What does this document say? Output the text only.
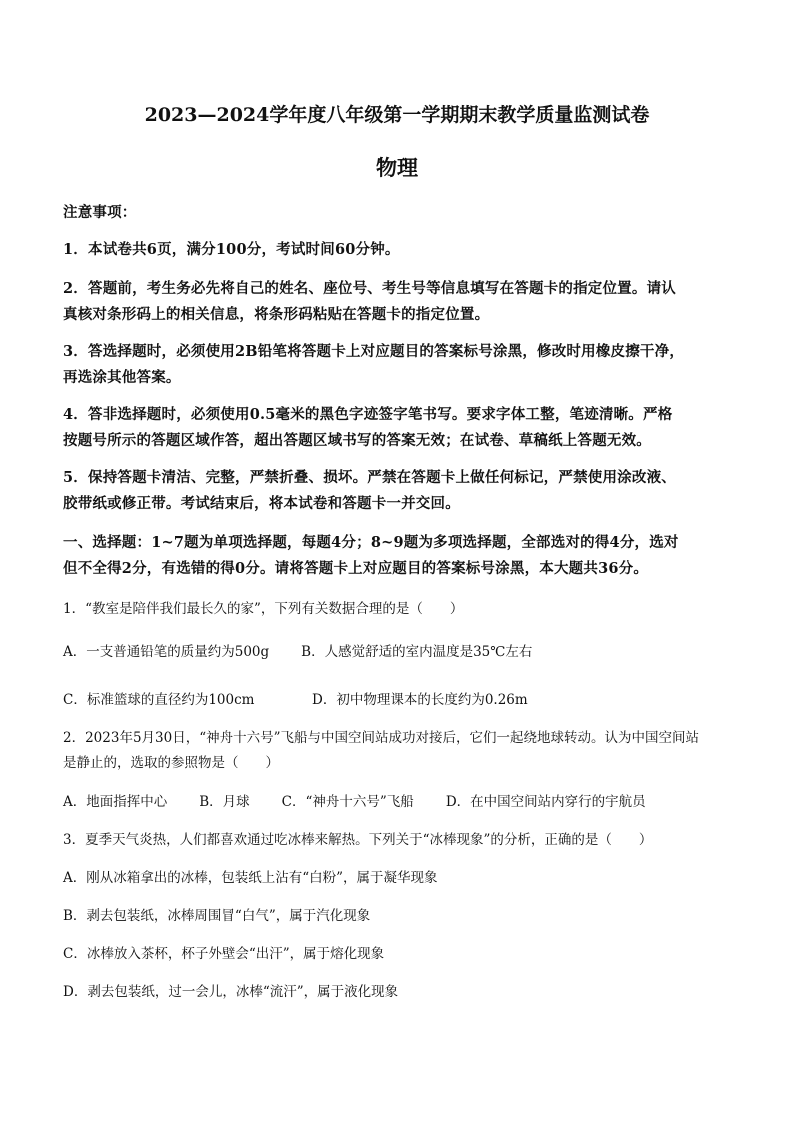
2023—2024学年度八年级第一学期期末教学质量监测试卷
物理
注意事项：
1．本试卷共6页，满分100分，考试时间60分钟。
2．答题前，考生务必先将自己的姓名、座位号、考生号等信息填写在答题卡的指定位置。请认
真核对条形码上的相关信息，将条形码粘贴在答题卡的指定位置。
3．答选择题时，必须使用2B铅笔将答题卡上对应题目的答案标号涂黑，修改时用橡皮擦干净，
再选涂其他答案。
4．答非选择题时，必须使用0.5毫米的黑色字迹签字笔书写。要求字体工整，笔迹清晰。严格
按题号所示的答题区域作答，超出答题区域书写的答案无效；在试卷、草稿纸上答题无效。
5．保持答题卡清洁、完整，严禁折叠、损坏。严禁在答题卡上做任何标记，严禁使用涂改液、
胶带纸或修正带。考试结束后，将本试卷和答题卡一并交回。
一、选择题：1~7题为单项选择题，每题4分；8~9题为多项选择题，全部选对的得4分，选对
但不全得2分，有选错的得0分。请将答题卡上对应题目的答案标号涂黑，本大题共36分。
1．“教室是陪伴我们最长久的家”，下列有关数据合理的是（　　）
A．一支普通铅笔的质量约为500g B．人感觉舒适的室内温度是35℃左右
C．标准篮球的直径约为100cm	D．初中物理课本的长度约为0.26m
2．2023年5月30日，“神舟十六号”飞船与中国空间站成功对接后，它们一起绕地球转动。认为中国空间站
是静止的，选取的参照物是（　　）
A．地面指挥中心 B．月球 C．“神舟十六号”飞船 D．在中国空间站内穿行的宇航员
3．夏季天气炎热，人们都喜欢通过吃冰棒来解热。下列关于“冰棒现象”的分析，正确的是（　　）
A．刚从冰箱拿出的冰棒，包装纸上沾有“白粉”，属于凝华现象
B．剥去包装纸，冰棒周围冒“白气”，属于汽化现象
C．冰棒放入茶杯，杯子外壁会“出汗”，属于熔化现象
D．剥去包装纸，过一会儿，冰棒“流汗”，属于液化现象
